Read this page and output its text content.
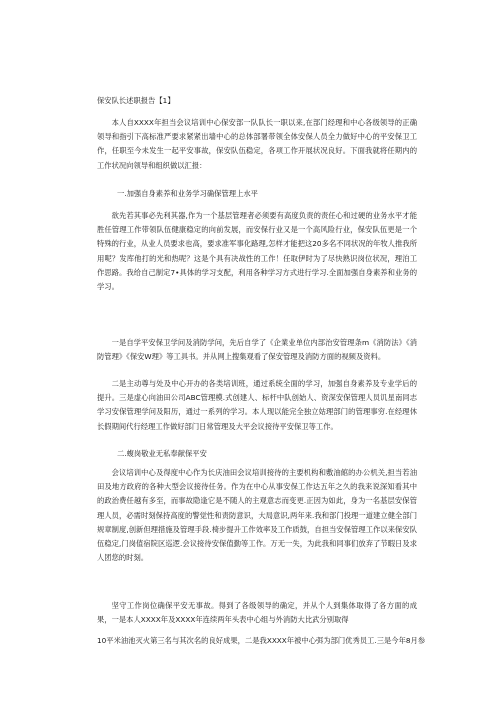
保安队长述职报告【1】

本人自XXXX年担当会议培训中心保安部一队队长一职以来,在部门经理和中心各级领导的正确领导和指引下高标准严要求紧紧出墙中心的总体部署带领全体安保人员全力做好中心的平安保卫工作，任职至今未发生一起平安事故，保安队伍稳定，各项工作开展状况良好。下面我就将任期内的工作状况向领导和组织做以汇报：

一.加强自身素养和业务学习确保管理上水平

欲先若其事必先利其器,作为一个基层管理者必须要有高度负责的责任心和过硬的业务水平才能胜任管理工作带领队伍健康稳定的向前发展，而安保行业又是一个高风险行业，保安队伍更是一个特殊的行业，从业人员要求也高，要求准军事化路理,怎样才能把这20多名不同状况的年牧人推我所用呢？发库他打的光和热呢？这是个具有决战性的工作！任取伊时为了尽快熟识岗位状况，理泊工作思路。我给自己制定7•具体的学习支配，利用各种学习方式进行学习.全面加强自身素养和业务的学习。

一是自学平安保卫学问及消防学问，先后自学了《企業业单位内部治安管理条m《消防法》《消防管理》《保安W理》等工具书。并从网上搜集观看了保安管理及消防方面的视频及资料。

二是主动尊与处及中心开办的各类培训班，通过系统全面的学习，加强自身素养及专业学后的提升。三是虚心向油田公司ABC管理模.式创建人、标杆中队创始人、资深安保管理人员讥星南同志学习安保管理学问及阳历，通过一系列的学习。本人现以能完全独立姑理部门的管理事穷.在经理休长假期间代行经理工作做好部门日常管理及大平会议接待平安保卫等工作。

二.蝮岗敬业无私奉献保平安

会议培训中心及得度中心作为长庆油田会议培训接待的主要机构和敷油館的办公机关,担当若油田及地方政府的各种大型会议接待任务。作为在中心从事安保工作达五年之久的我来说深知看其中的政治费任越有多至，而事故隐逢它是不随人的主观意志而变更.正因为如此，身为一名基层安保管理人员，必需时刻保持高度的警觉性和责防意识，大局意识,两年来.我和部门投理一道建立健全部门规章制度,创新但理措施及管理手段.椅步提升工作效率及工作质鼓，自担当安保管理工作以来保安队伍稳定,门岗值宿院区巡逻.会议接待安保值勤等工作。万无一失，为此我和同事们放弃了节暇日及求人团您的时刻。

坚守工作岗位确保平安无事故。得到了各级领导的确定，并从个人到集体取得了各方面的成果，一是本人XXXX年及XXXX年连续两年头表中心组与外消防大比武分别取得

10平米油池灭火第三名与其次名的良好成果，二是我XXXX年被中心弭为部门优秀员工.三是今年8月参
